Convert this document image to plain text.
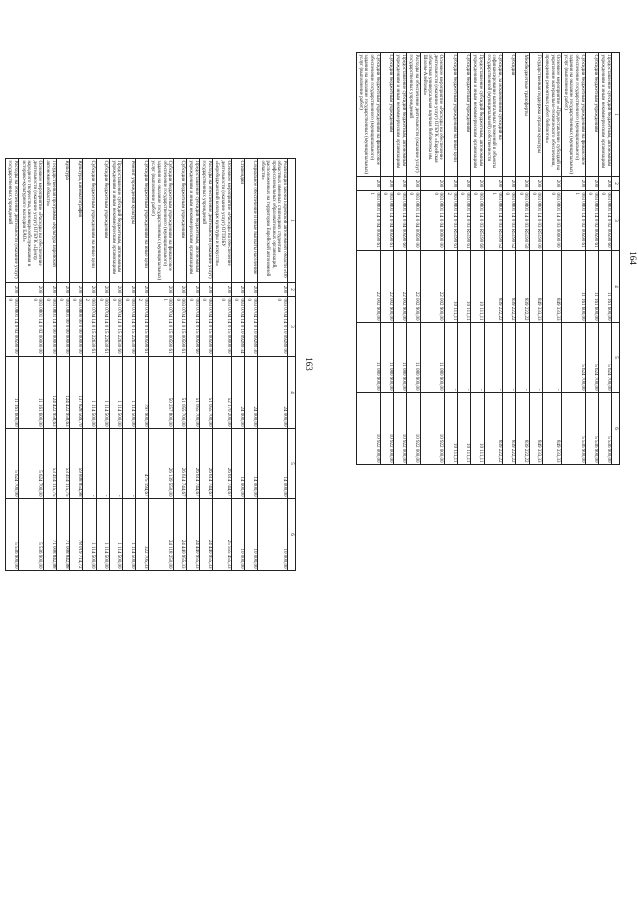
163
1	2	3	4	5	6
Реализация закона Еврейской автономной области «Об областных именных стипендиях студентам профессиональных образовательных организаций, расположенных на территории Еврейской автономной области»	200	003 0704 14 0 10 09280 000	24 000,00	14 000,00	10 000,00
Социальное обеспечение и иные выплаты населению	200	003 0704 14 0 10 09280 300	24 000,00	14 000,00	10 000,00
Стипендии	200	003 0704 14 0 10 09280 340	24 000,00	14 000,00	10 000,00
Основное мероприятие «Расходы на обеспечение деятельности (оказание услуг) ОГПОБУ «Биробиджанский колледж культуры и искусств»	200	003 0704 14 0 15 00000 000	52 170 200,00	26 614 744,67	25 555 455,33
Расходы на обеспечение деятельности (оказание услуг) государственных учреждений	200	003 0704 14 0 15 00590 000	51 055 700,00	26 614 744,67	24 440 955,33
Предоставление субсидий бюджетным, автономным учреждениям и иным некоммерческим организациям	200	003 0704 14 0 15 00590 600	51 055 700,00	26 614 744,67	24 440 955,33
Субсидии бюджетным учреждениям	200	003 0704 14 0 15 00590 610	51 055 700,00	26 614 744,67	24 440 955,33
Субсидии бюджетным учреждениям на финансовое обеспечение государственного (муниципального) задания на оказание государственных (муниципальных) услуг (выполнение работ)	200	003 0704 14 0 15 00590 611	50 257 800,00	26 139 550,00	24 118 250,00
Субсидии бюджетным учреждениям на иные цели	200	003 0704 14 0 15 00590 612	797 900,00	475 194,67	322 705,33
Ремонт учреждений культуры	200	003 0704 14 0 15 22630 000	1 114 500,00	-	1 114 500,00
Предоставление субсидий бюджетным, автономным учреждениям и иным некоммерческим организациям	200	003 0704 14 0 15 22630 600	1 114 500,00	-	1 114 500,00
Субсидии бюджетным учреждениям	200	003 0704 14 0 15 22630 610	1 114 500,00	-	1 114 500,00
Субсидии бюджетным учреждениям на иные цели	200	003 0704 14 0 15 22630 612	1 114 500,00	-	1 114 500,00
Культура, кинематография	200	003 0800 00 0 00 00000 000	137 828 569,70	59 808 854,98	78 019 714,72
Культура	200	003 0801 00 0 00 00000 000	124 422 958,63	53 414 115,75	71 008 842,88
Государственная программа «Культура Еврейской автономной области»	200	003 0801 14 0 00 00000 000	124 422 958,63	53 414 115,75	71 008 842,88
Основное мероприятие «Расходы на обеспечение деятельности (оказание услуг) ОГБУК «Центр народного творчества, киновидеообслуживания и историко-культурного наследия ЕАО»	200	003 0801 14 0 02 00000 000	11 161 600,00	5 624 700,00	5 536 900,00
Расходы на обеспечение деятельности (оказание услуг) государственных учреждений	200	003 0801 14 0 02 00590 000	11 161 600,00	5 624 700,00	5 536 900,00
164
1	2	3	4	5	6
Предоставление субсидий бюджетным, автономным учреждениям и иным некоммерческим организациям	200	003 0801 14 0 02 00590 600	11 161 600,00	5 624 700,00	5 536 900,00
Субсидии бюджетным учреждениям	200	003 0801 14 0 02 00590 610	11 161 600,00	5 624 700,00	5 536 900,00
Субсидии бюджетным учреждениям на финансовое обеспечение государственного (муниципального) задания на оказание государственных (муниципальных) услуг (выполнение работ)	200	003 0801 14 0 02 00590 611	11 161 600,00	5 624 700,00	5 536 900,00
Основное мероприятие «Предоставление субсидий на укрепление материально-технического обеспечения, проведение ремонтных работ библиотек»	200	003 0801 14 0 03 00000 000	849 333,33	-	849 333,33
Государственная поддержка отрасли культуры	200	003 0801 14 0 03 R5190 000	849 333,33	-	849 333,33
Межбюджетные трансферты	200	003 0801 14 0 03 R5190 500	839 222,22	-	839 222,22
Субсидии	200	003 0801 14 0 03 R5190 520	839 222,22	-	839 222,22
Субсидии, за исключением субсидий на софинансирование капитальных вложений в объекты государственной (муниципальной) собственности	200	003 0801 14 0 03 R5190 521	839 222,22	-	839 222,22
Предоставление субсидий бюджетным, автономным учреждениям и иным некоммерческим организациям	200	003 0801 14 0 03 R5190 600	10 111,11	-	10 111,11
Субсидии бюджетным учреждениям	200	003 0801 14 0 03 R5190 610	10 111,11	-	10 111,11
Субсидии бюджетным учреждениям на иные цели	200	003 0801 14 0 03 R5190 612	10 111,11	-	10 111,11
Основное мероприятие «Расходы на обеспечение деятельности (оказание услуг) ОГБУК «Еврейская областная универсальная научная библиотека им. Шолом-Алейхема»	200	003 0801 14 0 04 00000 000	22 002 900,00	11 080 900,00	10 922 000,00
Расходы на обеспечение деятельности (оказание услуг) государственных учреждений	200	003 0801 14 0 04 00590 000	22 002 900,00	11 080 900,00	10 922 000,00
Предоставление субсидий бюджетным, автономным учреждениям и иным некоммерческим организациям	200	003 0801 14 0 04 00590 600	22 002 900,00	11 080 900,00	10 922 000,00
Субсидии бюджетным учреждениям	200	003 0801 14 0 04 00590 610	22 002 900,00	11 080 900,00	10 922 000,00
Субсидии бюджетным учреждениям на финансовое обеспечение государственного (муниципального) задания на оказание государственных (муниципальных) услуг (выполнение работ)	200	003 0801 14 0 04 00590 611	22 002 900,00	11 080 900,00	10 922 000,00
